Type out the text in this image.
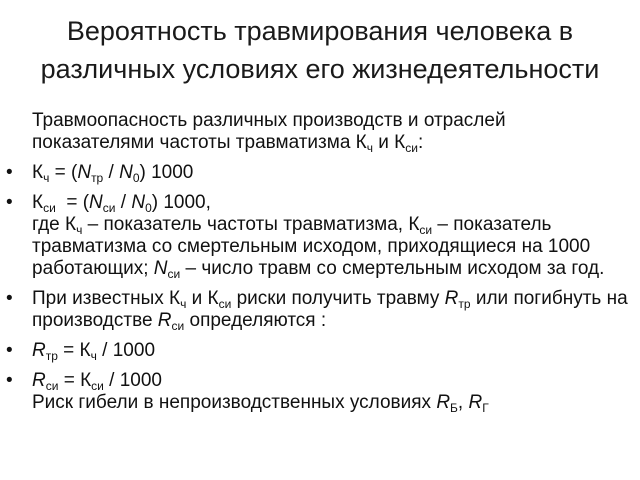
Вероятность травмирования человека в
различных условиях его жизнедеятельности
Травмоопасность различных производств и отраслей показателями частоты травматизма $К_ч$ и $К_{си}$:
• $К_ч = (N_{тр} / N_0)$ 1000
• $К_{си} = (N_{си} / N_0)$ 1000,
где $К_ч$ – показатель частоты травматизма, $К_{си}$ – показатель травматизма со смертельным исходом, приходящиеся на 1000 работающих; $N_{си}$ – число травм со смертельным исходом за год.
• При известных $К_ч$ и $К_{си}$ риски получить травму $R_{тр}$ или погибнуть на производстве $R_{си}$ определяются :
• $R_{тр} = К_ч / 1000$
• $R_{си} = К_{си} / 1000$
Риск гибели в непроизводственных условиях $R_Б$, $R_Г$
